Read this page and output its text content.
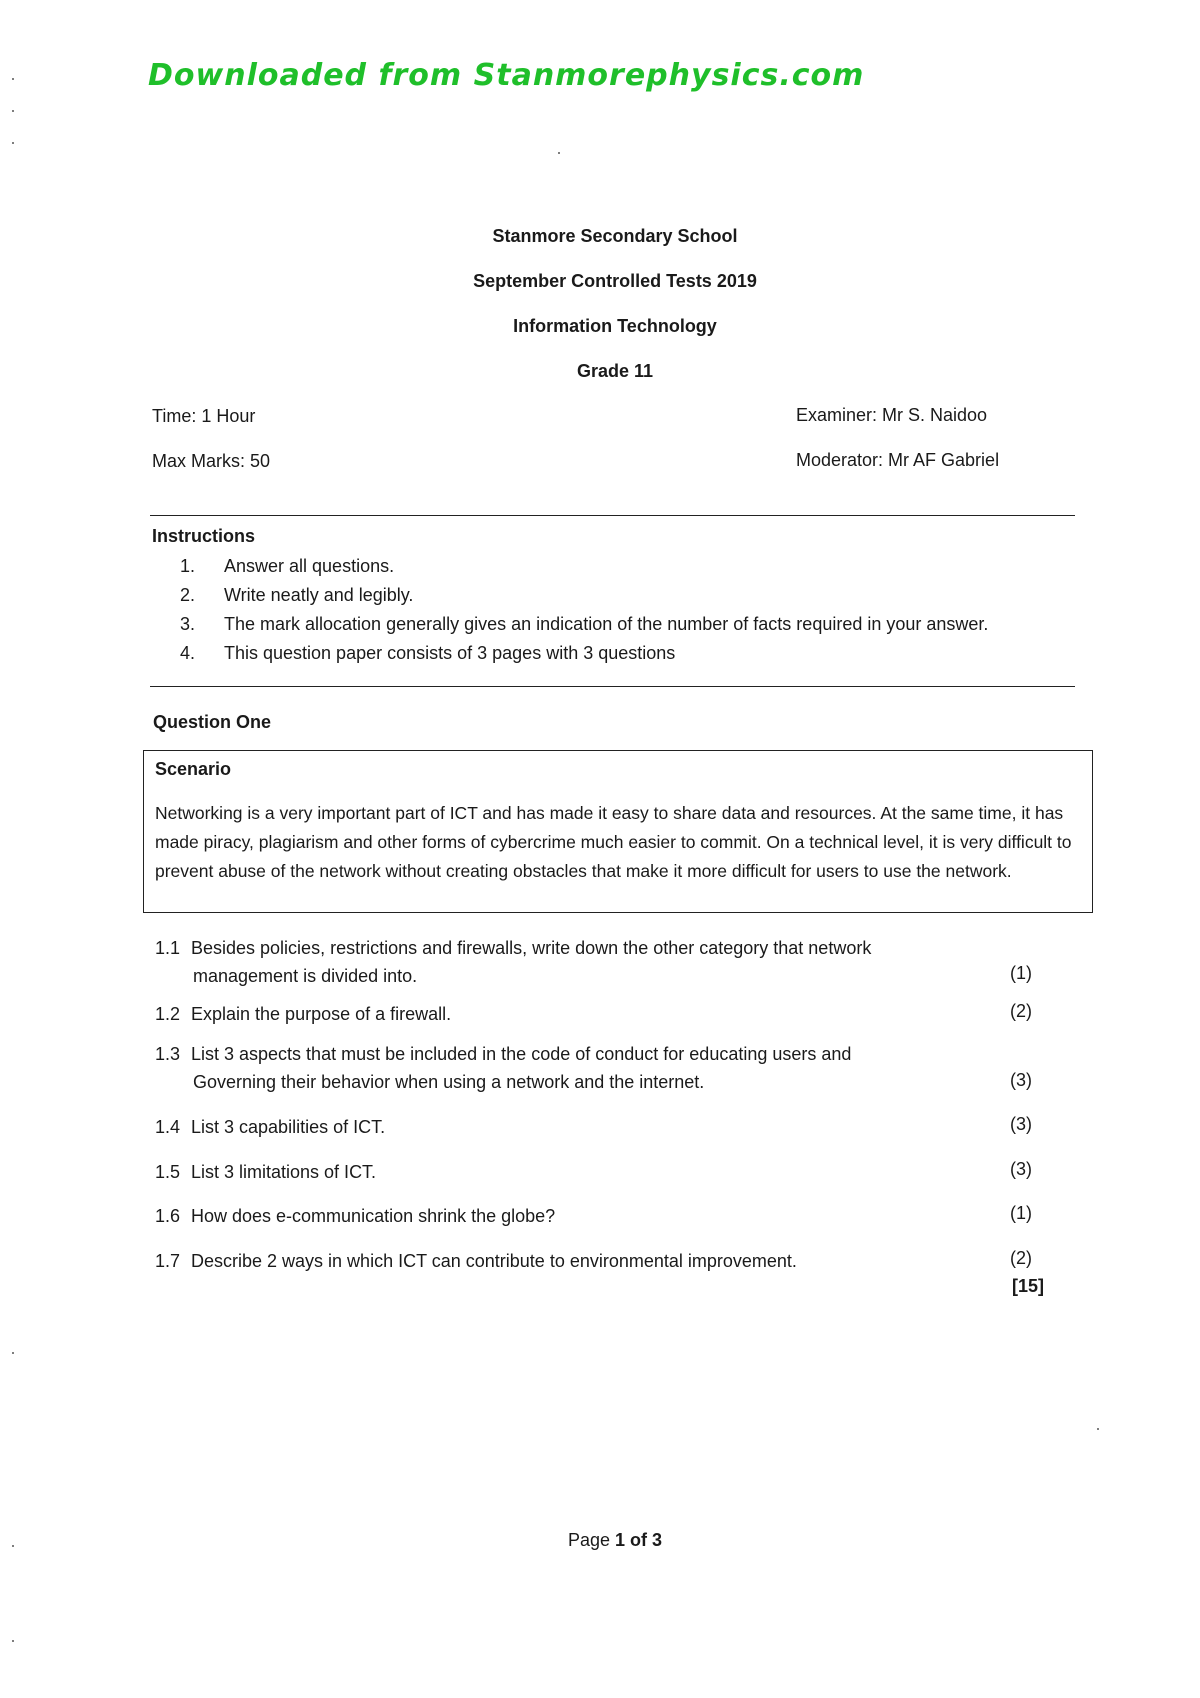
Downloaded from Stanmorephysics.com
Stanmore Secondary School
September Controlled Tests 2019
Information Technology
Grade 11
Time: 1 Hour
Max Marks: 50
Examiner: Mr S. Naidoo
Moderator: Mr AF Gabriel
Instructions
1. Answer all questions.
2. Write neatly and legibly.
3. The mark allocation generally gives an indication of the number of facts required in your answer.
4. This question paper consists of 3 pages with 3 questions
Question One
Scenario
Networking is a very important part of ICT and has made it easy to share data and resources. At the same time, it has made piracy, plagiarism and other forms of cybercrime much easier to commit. On a technical level, it is very difficult to prevent abuse of the network without creating obstacles that make it more difficult for users to use the network.
1.1 Besides policies, restrictions and firewalls, write down the other category that network
management is divided into.	(1)
1.2 Explain the purpose of a firewall.	(2)
1.3 List 3 aspects that must be included in the code of conduct for educating users and
Governing their behavior when using a network and the internet.	(3)
1.4 List 3 capabilities of ICT.	(3)
1.5 List 3 limitations of ICT.	(3)
1.6 How does e-communication shrink the globe?	(1)
1.7 Describe 2 ways in which ICT can contribute to environmental improvement.	(2)
[15]
Page 1 of 3
